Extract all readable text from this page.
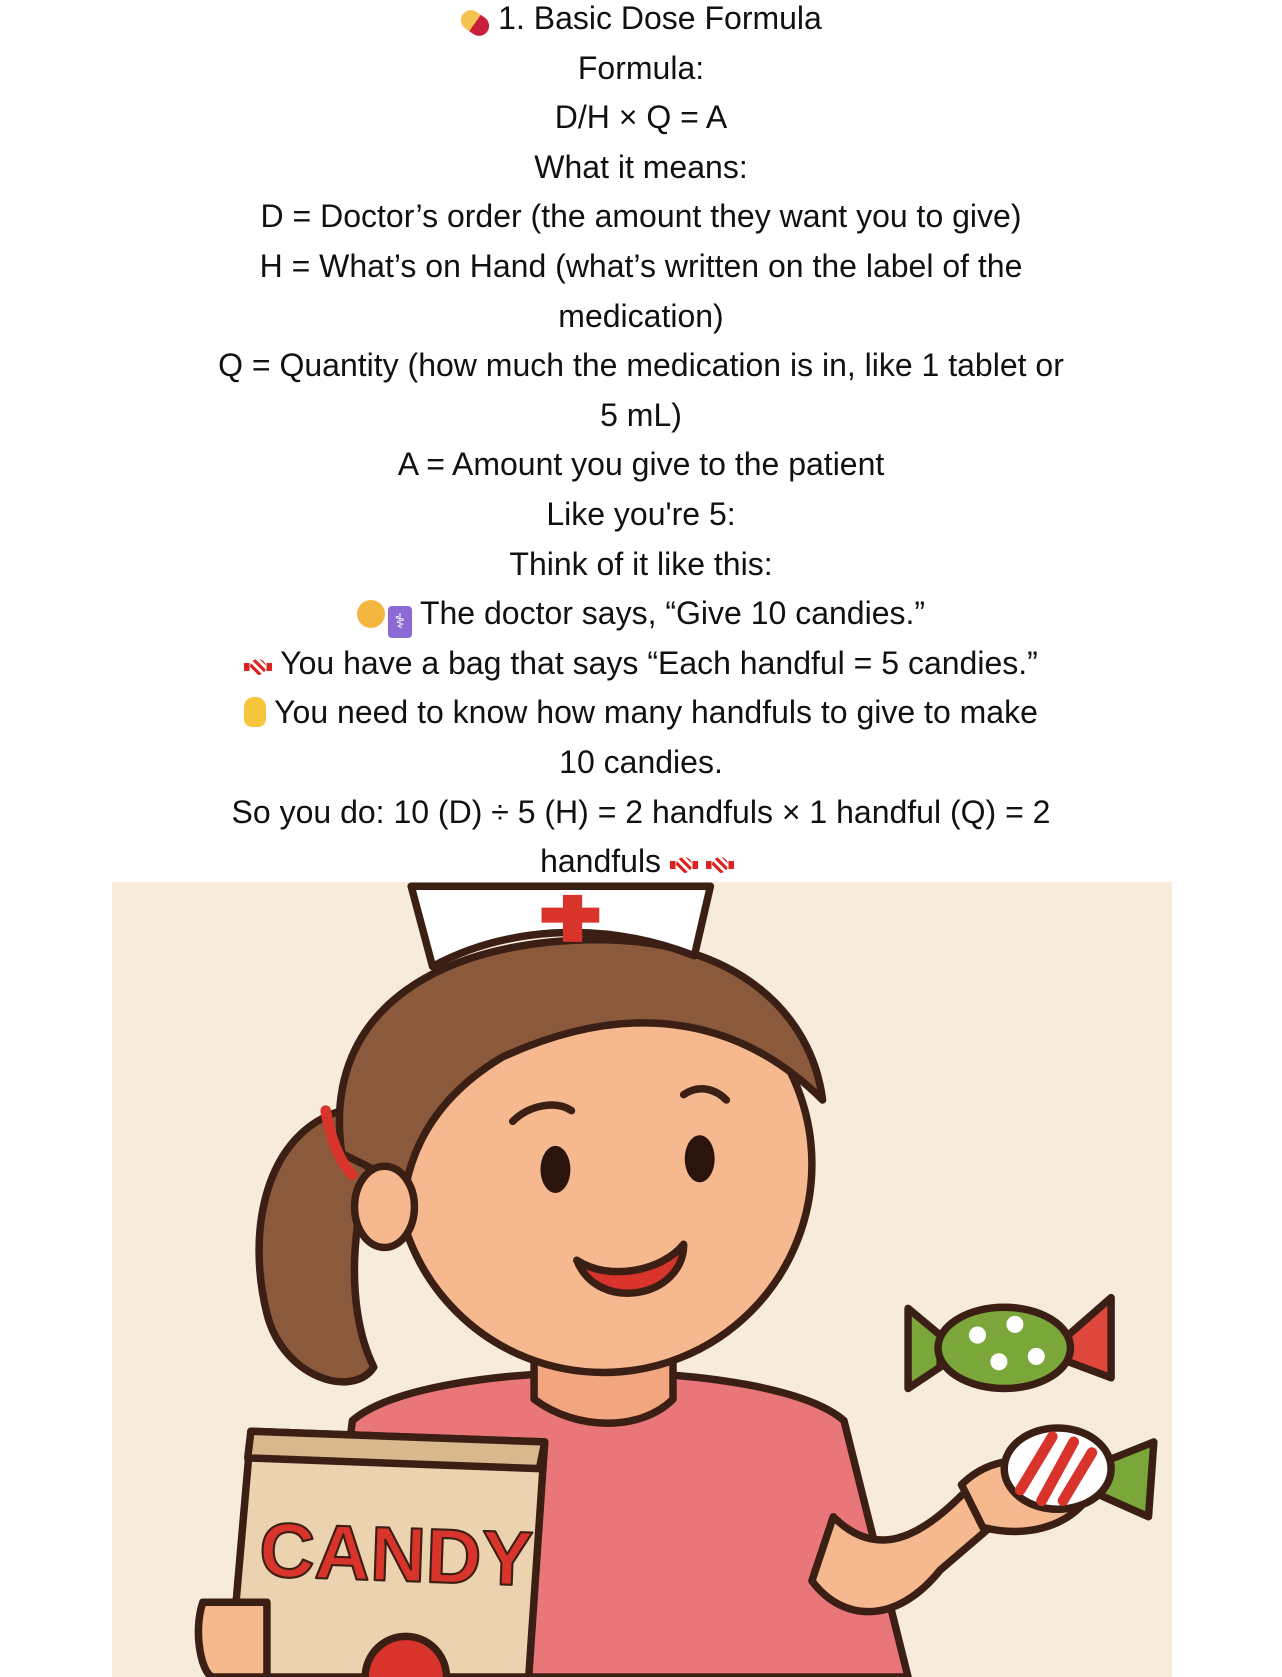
1. Basic Dose Formula
Formula:
D/H × Q = A
What it means:
D = Doctor’s order (the amount they want you to give)
H = What’s on Hand (what’s written on the label of the
medication)
Q = Quantity (how much the medication is in, like 1 tablet or
5 mL)
A = Amount you give to the patient
Like you're 5:
Think of it like this:
⚕ The doctor says, “Give 10 candies.”
You have a bag that says “Each handful = 5 candies.”
You need to know how many handfuls to give to make
10 candies.
So you do: 10 (D) ÷ 5 (H) = 2 handfuls × 1 handful (Q) = 2
handfuls
CANDY
